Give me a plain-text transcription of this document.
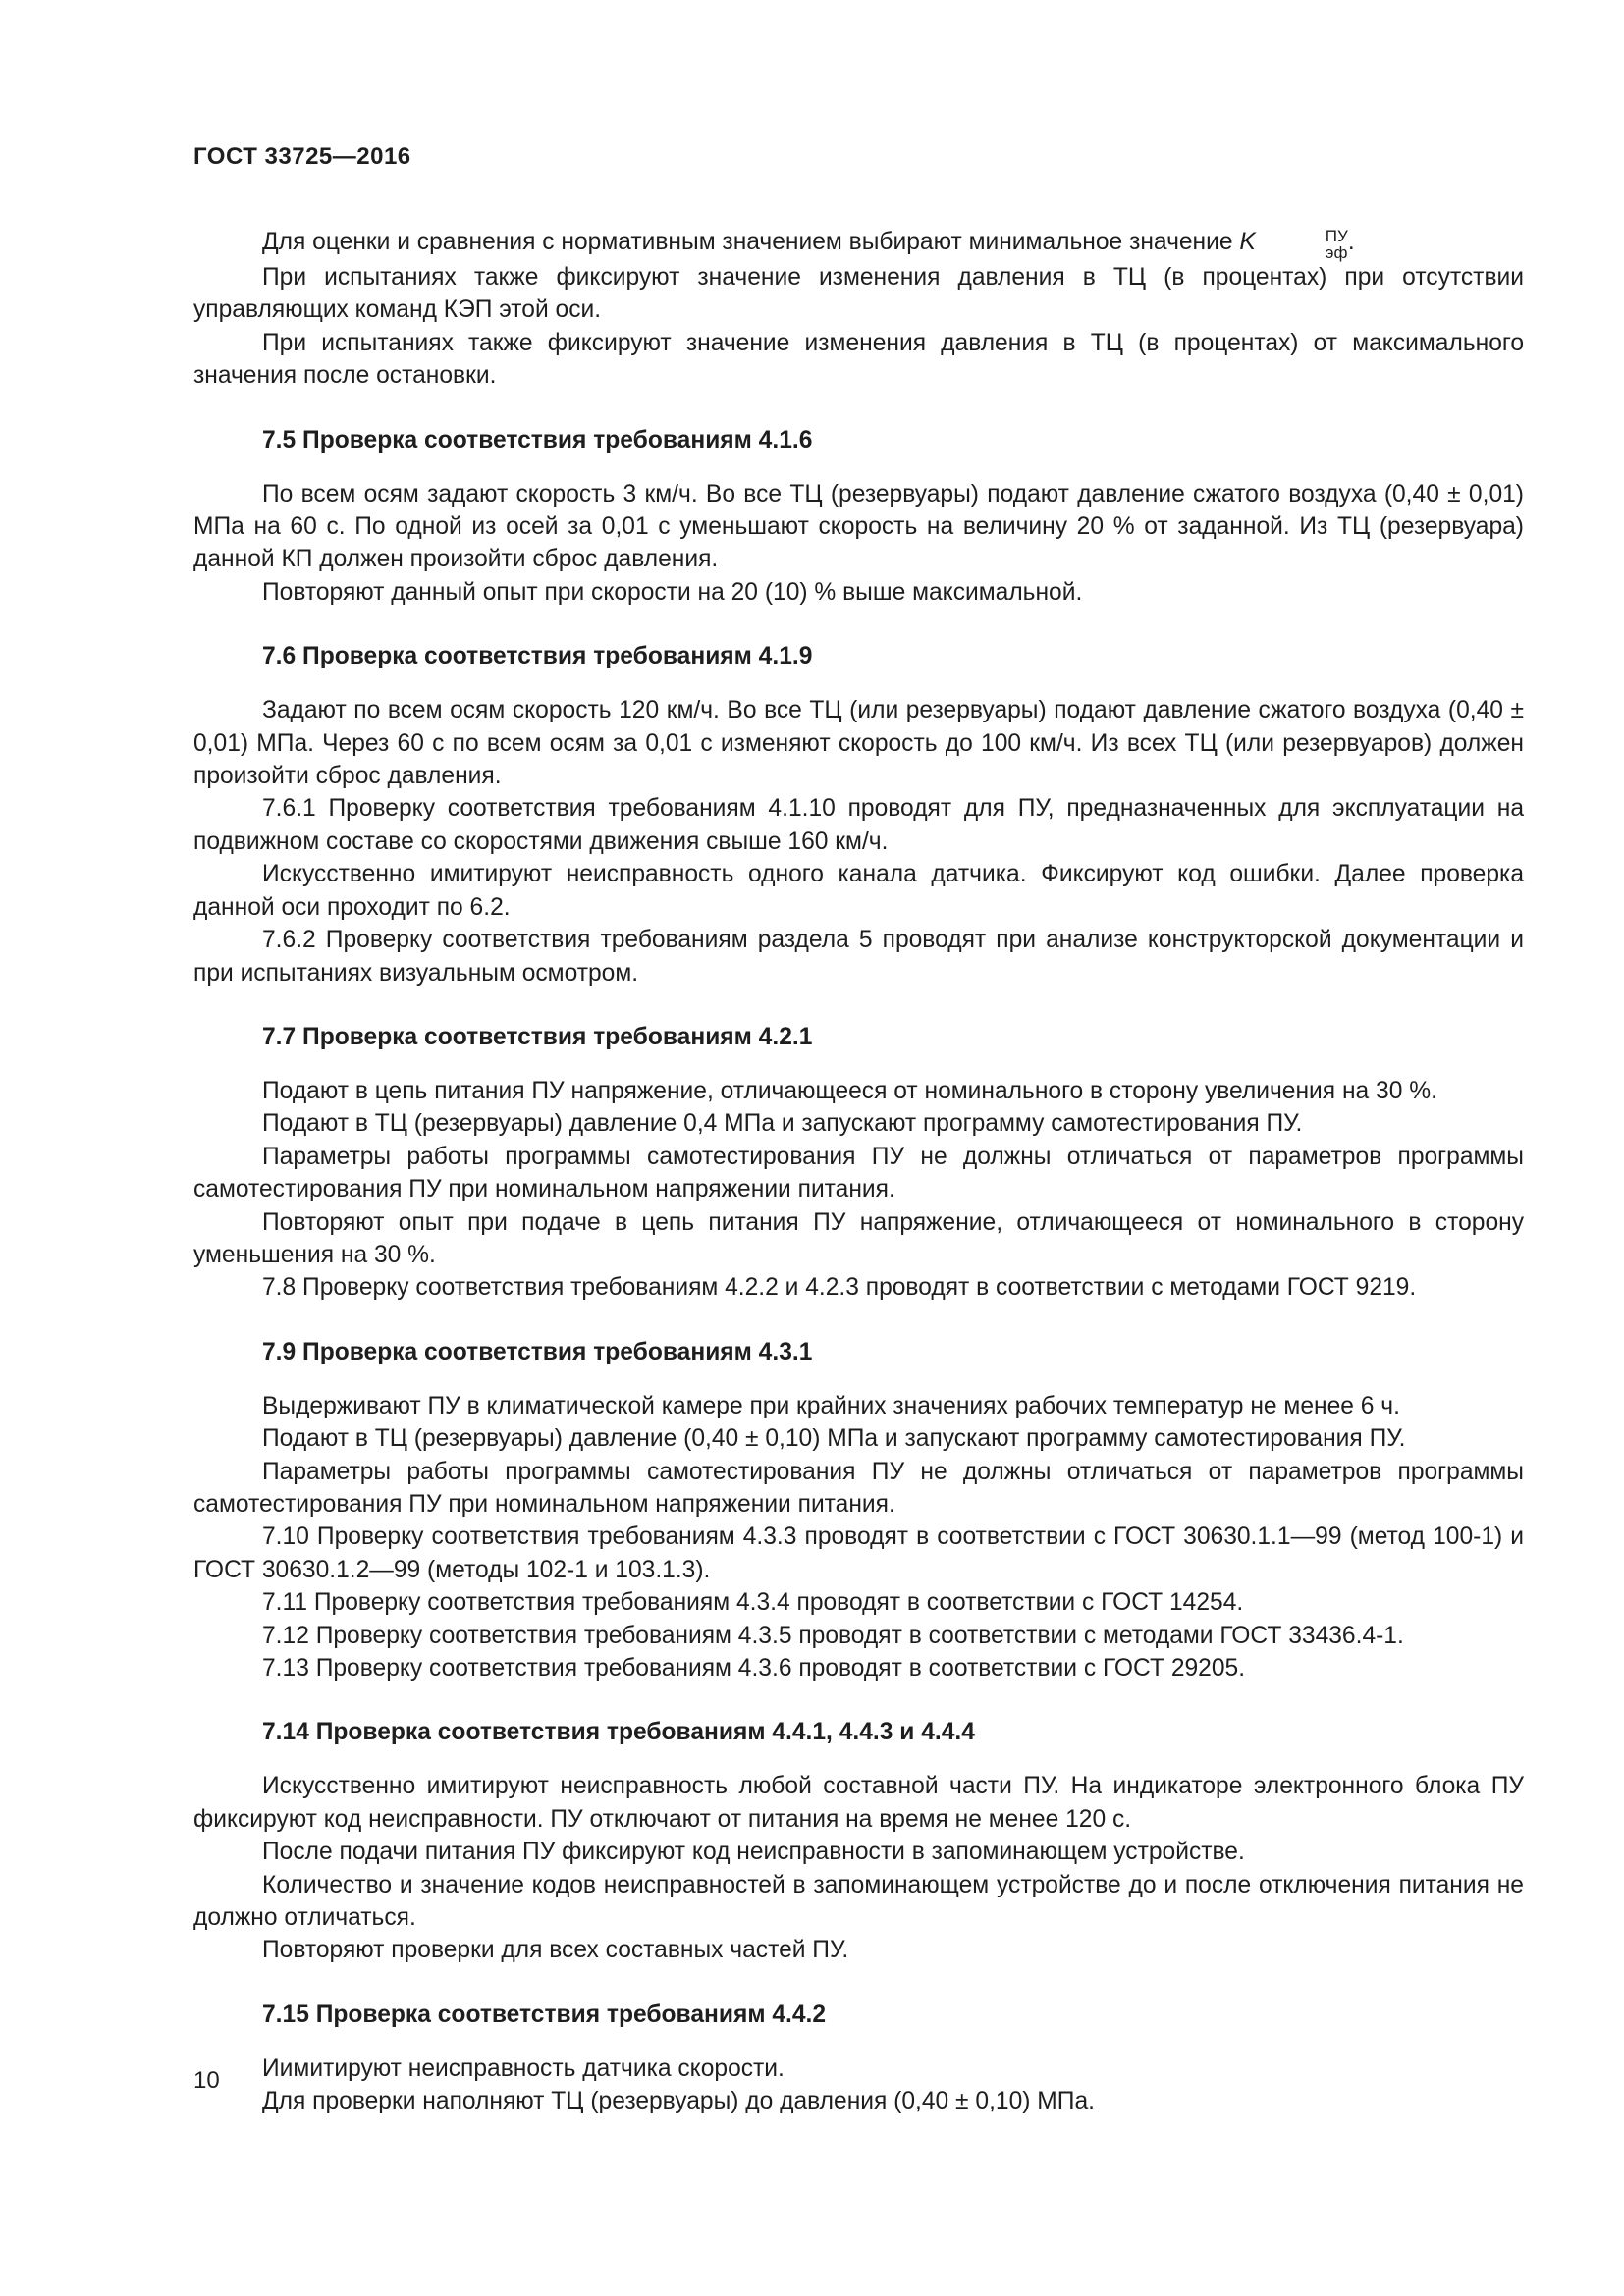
ГОСТ 33725—2016

Для оценки и сравнения с нормативным значением выбирают минимальное значение K	ПУ
эф .

При испытаниях также фиксируют значение изменения давления в ТЦ (в процентах) при отсутствии управляющих команд КЭП этой оси.

При испытаниях также фиксируют значение изменения давления в ТЦ (в процентах) от максимального значения после остановки.

7.5 Проверка соответствия требованиям 4.1.6

По всем осям задают скорость 3 км/ч. Во все ТЦ (резервуары) подают давление сжатого воздуха (0,40 ± 0,01) МПа на 60 с. По одной из осей за 0,01 с уменьшают скорость на величину 20 % от заданной. Из ТЦ (резервуара) данной КП должен произойти сброс давления.

Повторяют данный опыт при скорости на 20 (10) % выше максимальной.

7.6 Проверка соответствия требованиям 4.1.9

Задают по всем осям скорость 120 км/ч. Во все ТЦ (или резервуары) подают давление сжатого воздуха (0,40 ± 0,01) МПа. Через 60 с по всем осям за 0,01 с изменяют скорость до 100 км/ч. Из всех ТЦ (или резервуаров) должен произойти сброс давления.

7.6.1 Проверку соответствия требованиям 4.1.10 проводят для ПУ, предназначенных для эксплуатации на подвижном составе со скоростями движения свыше 160 км/ч.

Искусственно имитируют неисправность одного канала датчика. Фиксируют код ошибки. Далее проверка данной оси проходит по 6.2.

7.6.2 Проверку соответствия требованиям раздела 5 проводят при анализе конструкторской документации и при испытаниях визуальным осмотром.

7.7 Проверка соответствия требованиям 4.2.1

Подают в цепь питания ПУ напряжение, отличающееся от номинального в сторону увеличения на 30 %.

Подают в ТЦ (резервуары) давление 0,4 МПа и запускают программу самотестирования ПУ.

Параметры работы программы самотестирования ПУ не должны отличаться от параметров программы самотестирования ПУ при номинальном напряжении питания.

Повторяют опыт при подаче в цепь питания ПУ напряжение, отличающееся от номинального в сторону уменьшения на 30 %.

7.8 Проверку соответствия требованиям 4.2.2 и 4.2.3 проводят в соответствии с методами ГОСТ 9219.

7.9 Проверка соответствия требованиям 4.3.1

Выдерживают ПУ в климатической камере при крайних значениях рабочих температур не менее 6 ч.

Подают в ТЦ (резервуары) давление (0,40 ± 0,10) МПа и запускают программу самотестирования ПУ.

Параметры работы программы самотестирования ПУ не должны отличаться от параметров программы самотестирования ПУ при номинальном напряжении питания.

7.10 Проверку соответствия требованиям 4.3.3 проводят в соответствии с ГОСТ 30630.1.1—99 (метод 100-1) и ГОСТ 30630.1.2—99 (методы 102-1 и 103.1.3).

7.11 Проверку соответствия требованиям 4.3.4 проводят в соответствии с ГОСТ 14254.

7.12 Проверку соответствия требованиям 4.3.5 проводят в соответствии с методами ГОСТ 33436.4-1.

7.13 Проверку соответствия требованиям 4.3.6 проводят в соответствии с ГОСТ 29205.

7.14 Проверка соответствия требованиям 4.4.1, 4.4.3 и 4.4.4

Искусственно имитируют неисправность любой составной части ПУ. На индикаторе электронного блока ПУ фиксируют код неисправности. ПУ отключают от питания на время не менее 120 с.

После подачи питания ПУ фиксируют код неисправности в запоминающем устройстве.

Количество и значение кодов неисправностей в запоминающем устройстве до и после отключения питания не должно отличаться.

Повторяют проверки для всех составных частей ПУ.

7.15 Проверка соответствия требованиям 4.4.2

Иимитируют неисправность датчика скорости.

Для проверки наполняют ТЦ (резервуары) до давления (0,40 ± 0,10) МПа.

10
